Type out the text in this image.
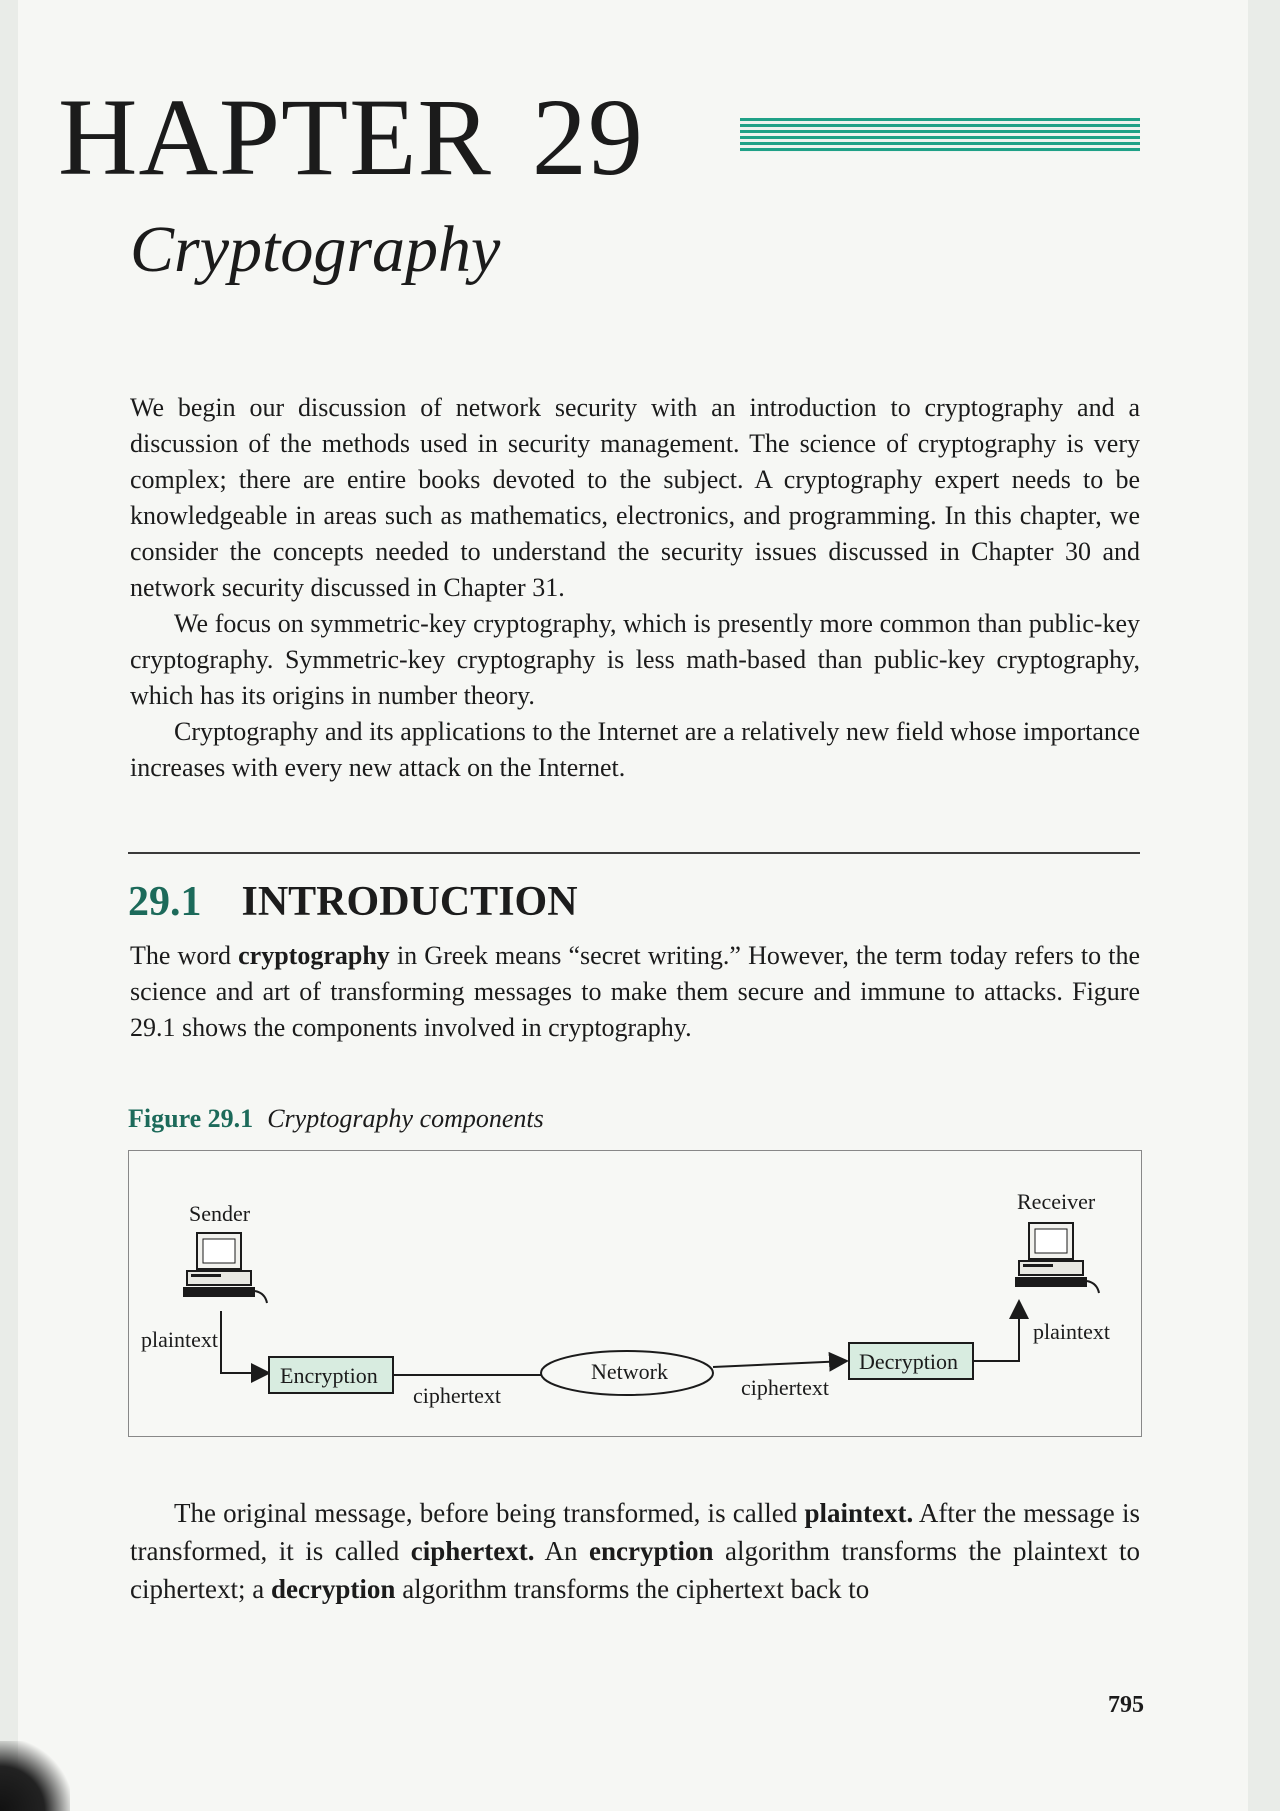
HAPTER 29
Cryptography

We begin our discussion of network security with an introduction to cryptography and a discussion of the methods used in security management. The science of cryptography is very complex; there are entire books devoted to the subject. A cryptography expert needs to be knowledgeable in areas such as mathematics, electronics, and programming. In this chapter, we consider the concepts needed to understand the security issues discussed in Chapter 30 and network security discussed in Chapter 31.

We focus on symmetric-key cryptography, which is presently more common than public-key cryptography. Symmetric-key cryptography is less math-based than public-key cryptography, which has its origins in number theory.

Cryptography and its applications to the Internet are a relatively new field whose importance increases with every new attack on the Internet.

29.1 INTRODUCTION

The word cryptography in Greek means “secret writing.” However, the term today refers to the science and art of transforming messages to make them secure and immune to attacks. Figure 29.1 shows the components involved in cryptography.

Figure 29.1 Cryptography components
Sender	Receiver
plaintext
Encryption
ciphertext
Network
ciphertext
Decryption
plaintext

The original message, before being transformed, is called plaintext. After the message is transformed, it is called ciphertext. An encryption algorithm transforms the plaintext to ciphertext; a decryption algorithm transforms the ciphertext back to

795
